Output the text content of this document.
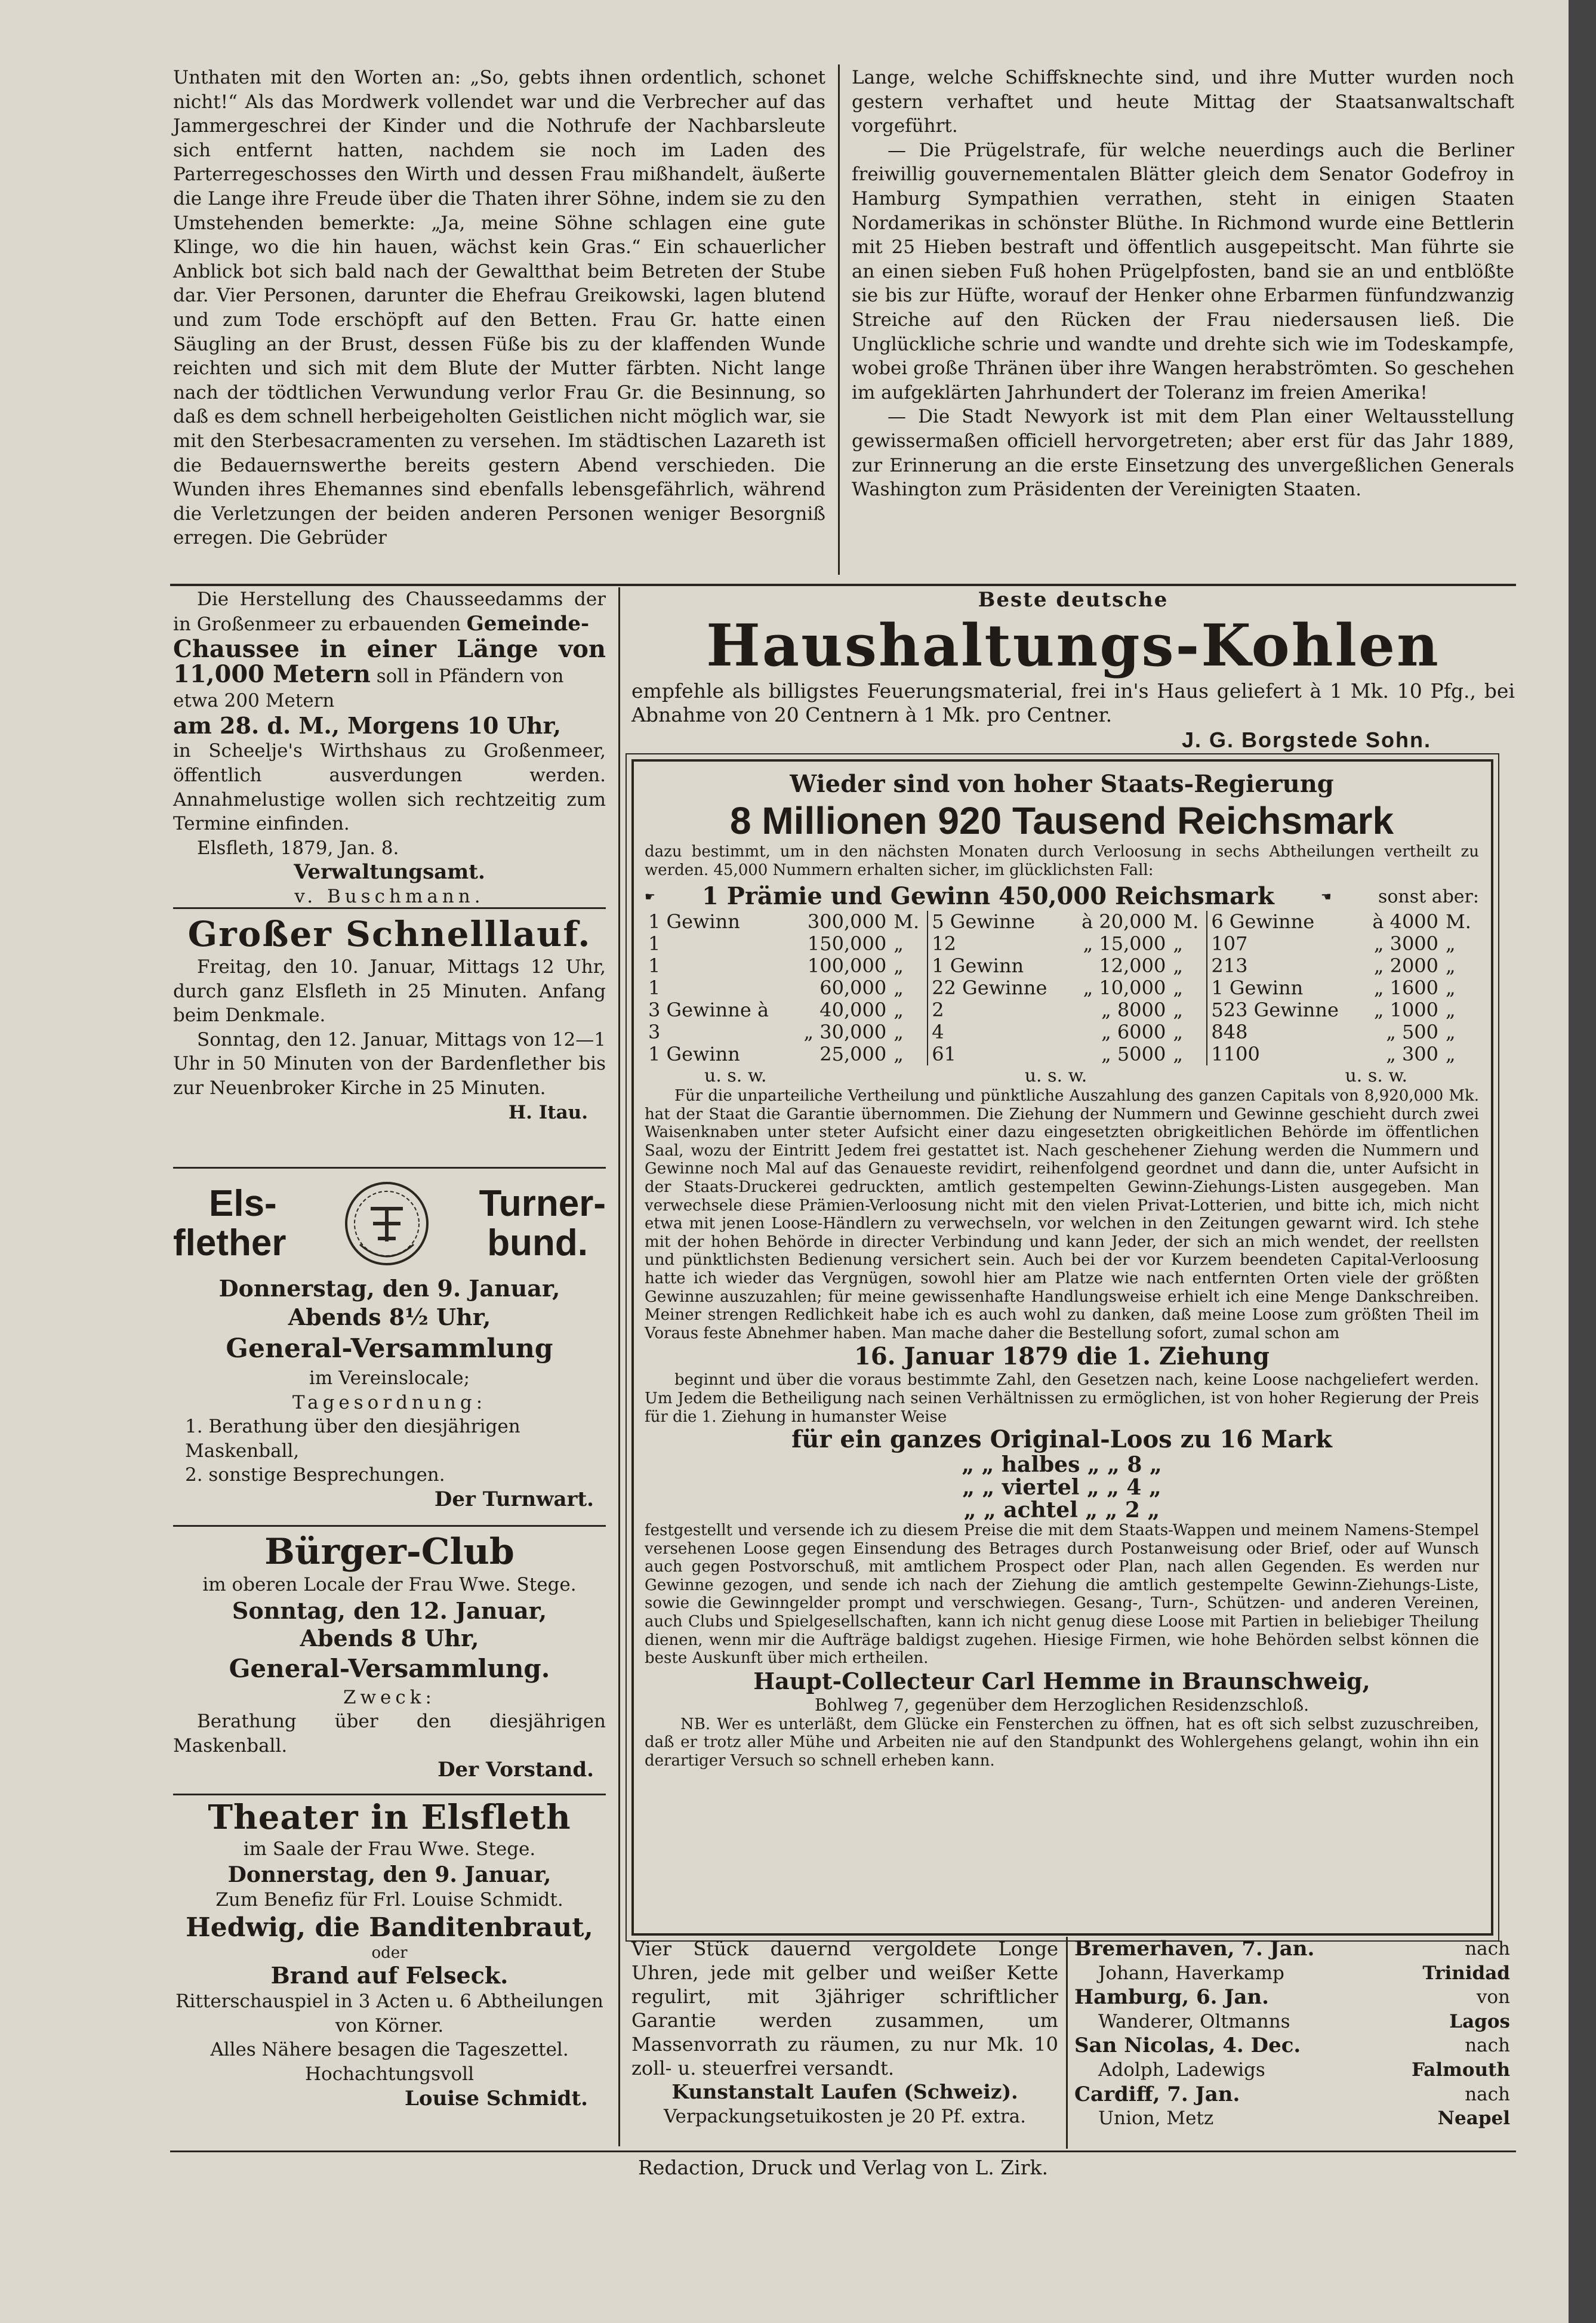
Unthaten mit den Worten an: „So, gebts ihnen ordentlich, schonet nicht!“ Als das Mordwerk vollendet war und die Verbrecher auf das Jammergeschrei der Kinder und die Nothrufe der Nachbarsleute sich entfernt hatten, nachdem sie noch im Laden des Parterregeschosses den Wirth und dessen Frau mißhandelt, äußerte die Lange ihre Freude über die Thaten ihrer Söhne, indem sie zu den Umstehenden bemerkte: „Ja, meine Söhne schlagen eine gute Klinge, wo die hin hauen, wächst kein Gras.“ Ein schauerlicher Anblick bot sich bald nach der Gewaltthat beim Betreten der Stube dar. Vier Personen, darunter die Ehefrau Greikowski, lagen blutend und zum Tode erschöpft auf den Betten. Frau Gr. hatte einen Säugling an der Brust, dessen Füße bis zu der klaffenden Wunde reichten und sich mit dem Blute der Mutter färbten. Nicht lange nach der tödtlichen Verwundung verlor Frau Gr. die Besinnung, so daß es dem schnell herbeigeholten Geistlichen nicht möglich war, sie mit den Sterbesacramenten zu versehen. Im städtischen Lazareth ist die Bedauernswerthe bereits gestern Abend verschieden. Die Wunden ihres Ehemannes sind ebenfalls lebensgefährlich, während die Verletzungen der beiden anderen Personen weniger Besorgniß erregen. Die Gebrüder

Lange, welche Schiffsknechte sind, und ihre Mutter wurden noch gestern verhaftet und heute Mittag der Staatsanwaltschaft vorgeführt.

— Die Prügelstrafe, für welche neuerdings auch die Berliner freiwillig gouvernementalen Blätter gleich dem Senator Godefroy in Hamburg Sympathien verrathen, steht in einigen Staaten Nordamerikas in schönster Blüthe. In Richmond wurde eine Bettlerin mit 25 Hieben bestraft und öffentlich ausgepeitscht. Man führte sie an einen sieben Fuß hohen Prügelpfosten, band sie an und entblößte sie bis zur Hüfte, worauf der Henker ohne Erbarmen fünfundzwanzig Streiche auf den Rücken der Frau niedersausen ließ. Die Unglückliche schrie und wandte und drehte sich wie im Todeskampfe, wobei große Thränen über ihre Wangen herabströmten. So geschehen im aufgeklärten Jahrhundert der Toleranz im freien Amerika!

— Die Stadt Newyork ist mit dem Plan einer Weltausstellung gewissermaßen officiell hervorgetreten; aber erst für das Jahr 1889, zur Erinnerung an die erste Einsetzung des unvergeßlichen Generals Washington zum Präsidenten der Vereinigten Staaten.

Die Herstellung des Chausseedamms der in Großenmeer zu erbauenden Gemeinde-

Chaussee in einer Länge von

11,000 Metern soll in Pfändern von

etwa 200 Metern

am 28. d. M., Morgens 10 Uhr,

in Scheelje's Wirthshaus zu Großenmeer, öffentlich ausverdungen werden. Annahmelustige wollen sich rechtzeitig zum Termine einfinden.

Elsfleth, 1879, Jan. 8.

Verwaltungsamt.

v. Buschmann.

Großer Schnelllauf.

Freitag, den 10. Januar, Mittags 12 Uhr, durch ganz Elsfleth in 25 Minuten. Anfang beim Denkmale.

Sonntag, den 12. Januar, Mittags von 12—1 Uhr in 50 Minuten von der Bardenflether bis zur Neuenbroker Kirche in 25 Minuten.

H. Itau.

Els-
flether
Turner-
bund.

Donnerstag, den 9. Januar,

Abends 8½ Uhr,

General-Versammlung

im Vereinslocale;

Tagesordnung:

1. Berathung über den diesjährigen Maskenball,

2. sonstige Besprechungen.

Der Turnwart.

Bürger-Club

im oberen Locale der Frau Wwe. Stege.

Sonntag, den 12. Januar,

Abends 8 Uhr,

General-Versammlung.

Zweck:

Berathung über den diesjährigen Maskenball.

Der Vorstand.

Theater in Elsfleth

im Saale der Frau Wwe. Stege.

Donnerstag, den 9. Januar,

Zum Benefiz für Frl. Louise Schmidt.

Hedwig, die Banditenbraut,

oder

Brand auf Felseck.

Ritterschauspiel in 3 Acten u. 6 Abtheilungen von Körner.

Alles Nähere besagen die Tageszettel.

Hochachtungsvoll

Louise Schmidt.

Beste deutsche

Haushaltungs-Kohlen

empfehle als billigstes Feuerungsmaterial, frei in's Haus geliefert à 1 Mk. 10 Pfg., bei Abnahme von 20 Centnern à 1 Mk. pro Centner.

J. G. Borgstede Sohn.

Wieder sind von hoher Staats-Regierung

8 Millionen 920 Tausend Reichsmark

dazu bestimmt, um in den nächsten Monaten durch Verloosung in sechs Abtheilungen vertheilt zu werden. 45,000 Nummern erhalten sicher, im glücklichsten Fall:

☛ 1 Prämie und Gewinn 450,000 Reichsmark	☚	sonst aber:
1 Gewinn	300,000	M.	5 Gewinne	à 20,000	M.	6 Gewinne	à 4000	M.
1	150,000	„	12	„ 15,000	„	107	„ 3000	„
1	100,000	„	1 Gewinn	12,000	„	213	„ 2000	„
1	60,000	„	22 Gewinne	„ 10,000	„	1 Gewinn	„ 1600	„
3 Gewinne à	40,000	„	2	„ 8000	„	523 Gewinne	„ 1000	„
3	„ 30,000	„	4	„ 6000	„	848	„ 500	„
1 Gewinn	25,000	„	61	„ 5000	„	1100	„ 300	„
u. s. w.	u. s. w.	u. s. w.

Für die unparteiliche Vertheilung und pünktliche Auszahlung des ganzen Capitals von 8,920,000 Mk. hat der Staat die Garantie übernommen. Die Ziehung der Nummern und Gewinne geschieht durch zwei Waisenknaben unter steter Aufsicht einer dazu eingesetzten obrigkeitlichen Behörde im öffentlichen Saal, wozu der Eintritt Jedem frei gestattet ist. Nach geschehener Ziehung werden die Nummern und Gewinne noch Mal auf das Genaueste revidirt, reihenfolgend geordnet und dann die, unter Aufsicht in der Staats-Druckerei gedruckten, amtlich gestempelten Gewinn-Ziehungs-Listen ausgegeben. Man verwechsele diese Prämien-Verloosung nicht mit den vielen Privat-Lotterien, und bitte ich, mich nicht etwa mit jenen Loose-Händlern zu verwechseln, vor welchen in den Zeitungen gewarnt wird. Ich stehe mit der hohen Behörde in directer Verbindung und kann Jeder, der sich an mich wendet, der reellsten und pünktlichsten Bedienung versichert sein. Auch bei der vor Kurzem beendeten Capital-Verloosung hatte ich wieder das Vergnügen, sowohl hier am Platze wie nach entfernten Orten viele der größten Gewinne auszuzahlen; für meine gewissenhafte Handlungsweise erhielt ich eine Menge Dankschreiben. Meiner strengen Redlichkeit habe ich es auch wohl zu danken, daß meine Loose zum größten Theil im Voraus feste Abnehmer haben. Man mache daher die Bestellung sofort, zumal schon am

16. Januar 1879 die 1. Ziehung

beginnt und über die voraus bestimmte Zahl, den Gesetzen nach, keine Loose nachgeliefert werden. Um Jedem die Betheiligung nach seinen Verhältnissen zu ermöglichen, ist von hoher Regierung der Preis für die 1. Ziehung in humanster Weise

für ein ganzes Original-Loos zu 16 Mark

„ „ halbes „ „ 8 „

„ „ viertel „ „ 4 „

„ „ achtel „ „ 2 „

festgestellt und versende ich zu diesem Preise die mit dem Staats-Wappen und meinem Namens-Stempel versehenen Loose gegen Einsendung des Betrages durch Postanweisung oder Brief, oder auf Wunsch auch gegen Postvorschuß, mit amtlichem Prospect oder Plan, nach allen Gegenden. Es werden nur Gewinne gezogen, und sende ich nach der Ziehung die amtlich gestempelte Gewinn-Ziehungs-Liste, sowie die Gewinngelder prompt und verschwiegen. Gesang-, Turn-, Schützen- und anderen Vereinen, auch Clubs und Spielgesellschaften, kann ich nicht genug diese Loose mit Partien in beliebiger Theilung dienen, wenn mir die Aufträge baldigst zugehen. Hiesige Firmen, wie hohe Behörden selbst können die beste Auskunft über mich ertheilen.

Haupt-Collecteur Carl Hemme in Braunschweig,

Bohlweg 7, gegenüber dem Herzoglichen Residenzschloß.

NB. Wer es unterläßt, dem Glücke ein Fensterchen zu öffnen, hat es oft sich selbst zuzuschreiben, daß er trotz aller Mühe und Arbeiten nie auf den Standpunkt des Wohlergehens gelangt, wohin ihn ein derartiger Versuch so schnell erheben kann.

Vier Stück dauernd vergoldete Longe Uhren, jede mit gelber und weißer Kette regulirt, mit 3jähriger schriftlicher Garantie werden zusammen, um Massenvorrath zu räumen, zu nur Mk. 10 zoll- u. steuerfrei versandt.

Kunstanstalt Laufen (Schweiz).

Verpackungsetuikosten je 20 Pf. extra.

Bremerhaven, 7. Jan.	nach
Johann, Haverkamp	Trinidad
Hamburg, 6. Jan.	von
Wanderer, Oltmanns	Lagos
San Nicolas, 4. Dec.	nach
Adolph, Ladewigs	Falmouth
Cardiff, 7. Jan.	nach
Union, Metz	Neapel

Redaction, Druck und Verlag von L. Zirk.
